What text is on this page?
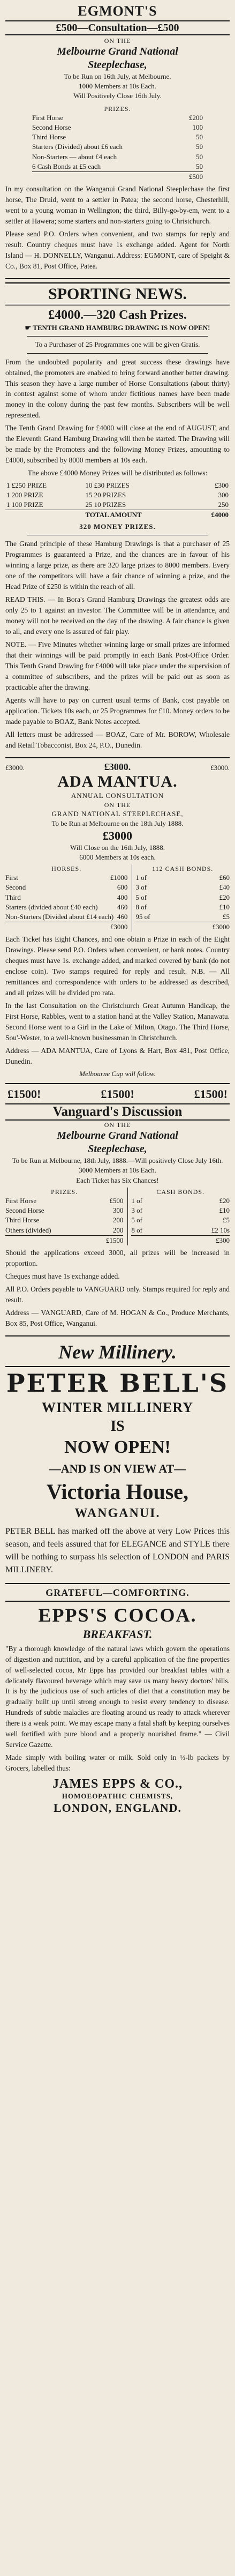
EGMONT'S
£500—Consultation—£500
ON THE
Melbourne Grand National
Steeplechase,
To be Run on 16th July, at Melbourne.
1000 Members at 10s Each.
Will Positively Close 16th July.
PRIZES.
First Horse	£200
Second Horse	100
Third Horse	50
Starters (Divided) about £6 each	50
Non-Starters — about £4 each	50
6 Cash Bonds at £5 each	50
£500

In my consultation on the Wanganui Grand National Steeplechase the first horse, The Druid, went to a settler in Patea; the second horse, Chesterhill, went to a young woman in Wellington; the third, Billy-go-by-em, went to a settler at Hawera; some starters and non-starters going to Christchurch.

Please send P.O. Orders when convenient, and two stamps for reply and result. Country cheques must have 1s exchange added. Agent for North Island — H. DONNELLY, Wanganui. Address: EGMONT, care of Speight & Co., Box 81, Post Office, Patea.

SPORTING NEWS.
£4000.—320 Cash Prizes.
☛ TENTH GRAND HAMBURG DRAWING IS NOW OPEN!
To a Purchaser of 25 Programmes one will be given Gratis.

From the undoubted popularity and great success these drawings have obtained, the promoters are enabled to bring forward another better drawing. This season they have a large number of Horse Consultations (about thirty) in contest against some of whom under fictitious names have been made money in the colony during the past few months. Subscribers will be well represented.

The Tenth Grand Drawing for £4000 will close at the end of AUGUST, and the Eleventh Grand Hamburg Drawing will then be started. The Drawing will be made by the Promoters and the following Money Prizes, amounting to £4000, subscribed by 8000 members at 10s each.

The above £4000 Money Prizes will be distributed as follows:

1 £250 PRIZE	10 £30 PRIZES	£300
1 200 PRIZE	15 20 PRIZES	300
1 100 PRIZE	25 10 PRIZES	250
	TOTAL AMOUNT	£4000
320 MONEY PRIZES.

The Grand principle of these Hamburg Drawings is that a purchaser of 25 Programmes is guaranteed a Prize, and the chances are in favour of his winning a large prize, as there are 320 large prizes to 8000 members. Every one of the competitors will have a fair chance of winning a prize, and the Head Prize of £250 is within the reach of all.

READ THIS. — In Bora's Grand Hamburg Drawings the greatest odds are only 25 to 1 against an investor. The Committee will be in attendance, and money will not be received on the day of the drawing. A fair chance is given to all, and every one is assured of fair play.

NOTE. — Five Minutes whether winning large or small prizes are informed that their winnings will be paid promptly in each Bank Post-Office Order. This Tenth Grand Drawing for £4000 will take place under the supervision of a committee of subscribers, and the prizes will be paid out as soon as practicable after the drawing.

Agents will have to pay on current usual terms of Bank, cost payable on application. Tickets 10s each, or 25 Programmes for £10. Money orders to be made payable to BOAZ, Bank Notes accepted.

All letters must be addressed — BOAZ, Care of Mr. BOROW, Wholesale and Retail Tobacconist, Box 24, P.O., Dunedin.

£3000.	£3000.	£3000.
ADA MANTUA.
ANNUAL CONSULTATION
ON THE
GRAND NATIONAL STEEPLECHASE,
To be Run at Melbourne on the 18th July 1888.
£3000
Will Close on the 16th July, 1888.
6000 Members at 10s each.
HORSES.
First	£1000
Second	600
Third	400
Starters (divided about £40 each)	460
Non-Starters (Divided about £14 each) 460
£3000
112 CASH BONDS.
1 of	£60
3 of	£40
5 of	£20
8 of	£10
95 of	£5
£3000

Each Ticket has Eight Chances, and one obtain a Prize in each of the Eight Drawings. Please send P.O. Orders when convenient, or bank notes. Country cheques must have 1s. exchange added, and marked covered by bank (do not enclose coin). Two stamps required for reply and result. N.B. — All remittances and correspondence with orders to be addressed as described, and all prizes will be divided pro rata.

In the last Consultation on the Christchurch Great Autumn Handicap, the First Horse, Rabbles, went to a station hand at the Valley Station, Manawatu. Second Horse went to a Girl in the Lake of Milton, Otago. The Third Horse, Sou'-Wester, to a well-known businessman in Christchurch.

Address — ADA MANTUA, Care of Lyons & Hart, Box 481, Post Office, Dunedin.

Melbourne Cup will follow.
£1500!	£1500!	£1500!
Vanguard's Discussion
ON THE
Melbourne Grand National
Steeplechase,
To be Run at Melbourne, 18th July, 1888.—Will positively Close July 16th.
3000 Members at 10s Each.
Each Ticket has Six Chances!
PRIZES.
First Horse	£500
Second Horse	300
Third Horse	200
Others (divided)	200
£1500
CASH BONDS.
1 of	£20
3 of	£10
5 of	£5
8 of	£2 10s
£300

Should the applications exceed 3000, all prizes will be increased in proportion.

Cheques must have 1s exchange added.

All P.O. Orders payable to VANGUARD only. Stamps required for reply and result.

Address — VANGUARD, Care of M. HOGAN & Co., Produce Merchants, Box 85, Post Office, Wanganui.

New Millinery.
PETER BELL'S
WINTER MILLINERY
IS
NOW OPEN!
—AND IS ON VIEW AT—
Victoria House,
WANGANUI.

PETER BELL has marked off the above at very Low Prices this season, and feels assured that for ELEGANCE and STYLE there will be nothing to surpass his selection of LONDON and PARIS MILLINERY.

GRATEFUL—COMFORTING.
EPPS'S COCOA.
BREAKFAST.

"By a thorough knowledge of the natural laws which govern the operations of digestion and nutrition, and by a careful application of the fine properties of well-selected cocoa, Mr Epps has provided our breakfast tables with a delicately flavoured beverage which may save us many heavy doctors' bills. It is by the judicious use of such articles of diet that a constitution may be gradually built up until strong enough to resist every tendency to disease. Hundreds of subtle maladies are floating around us ready to attack wherever there is a weak point. We may escape many a fatal shaft by keeping ourselves well fortified with pure blood and a properly nourished frame." — Civil Service Gazette.

Made simply with boiling water or milk. Sold only in ½-lb packets by Grocers, labelled thus:

JAMES EPPS & CO.,
HOMOEOPATHIC CHEMISTS,
LONDON, ENGLAND.
